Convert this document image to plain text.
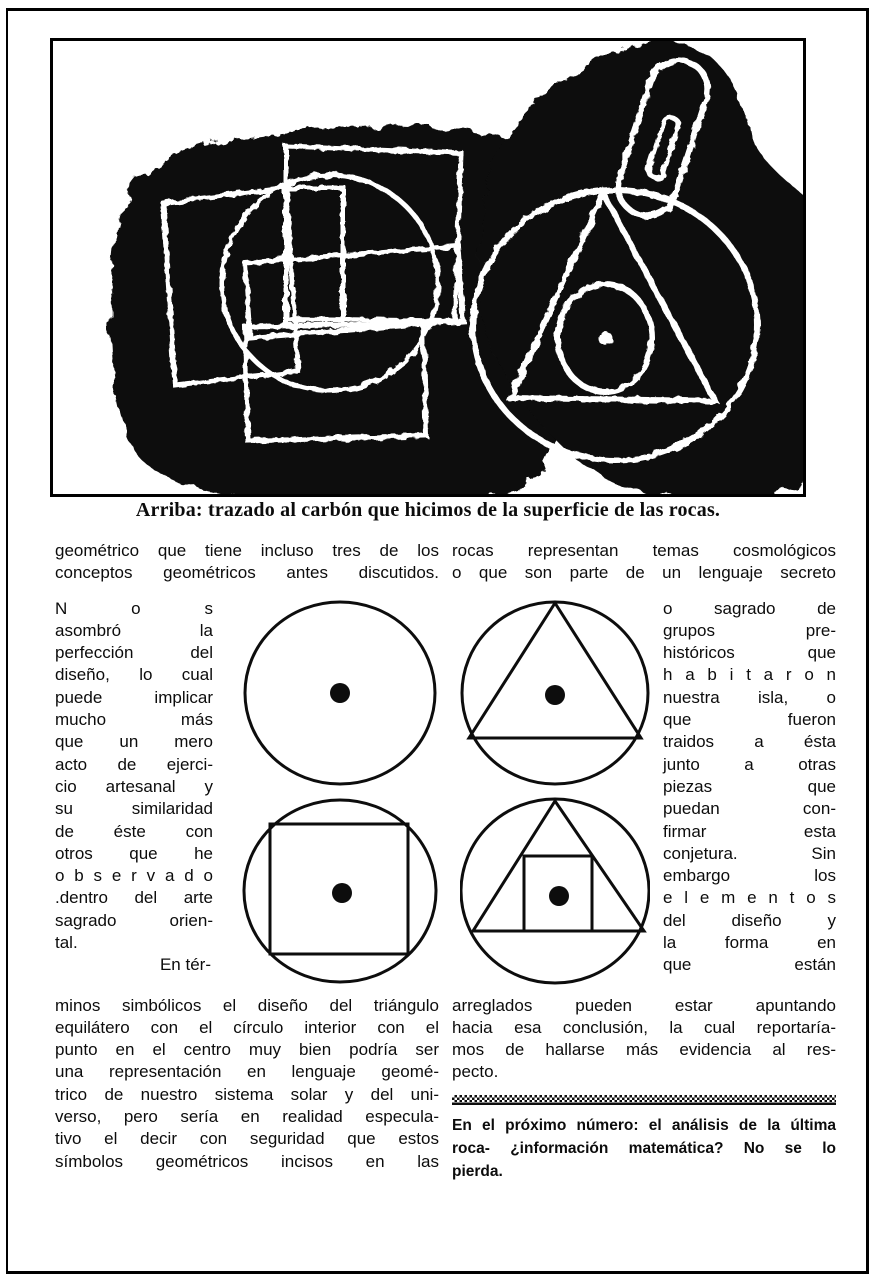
Arriba: trazado al carbón que hicimos de la superficie de las rocas.
geométrico que tiene incluso tres de los
conceptos geométricos antes discutidos.
N o s
asombró la
perfección del
diseño, lo cual
puede implicar
mucho más
que un mero
acto de ejerci-
cio artesanal y
su similaridad
de éste con
otros que he
o b s e r v a d o
.dentro del arte
sagrado orien-
tal.
En tér-
minos simbólicos el diseño del triángulo
equilátero con el círculo interior con el
punto en el centro muy bien podría ser
una representación en lenguaje geomé-
trico de nuestro sistema solar y del uni-
verso, pero sería en realidad especula-
tivo el decir con seguridad que estos
símbolos geométricos incisos en las
rocas representan temas cosmológicos
o que son parte de un lenguaje secreto
o sagrado de
grupos pre-
históricos que
h a b i t a r o n
nuestra isla, o
que fueron
traidos a ésta
junto a otras
piezas que
puedan con-
firmar esta
conjetura. Sin
embargo los
e l e m e n t o s
del diseño y
la forma en
que están
arreglados pueden estar apuntando
hacia esa conclusión, la cual reportaría-
mos de hallarse más evidencia al res-
pecto.
En el próximo número: el análisis de la última
roca- ¿información matemática? No se lo
pierda.
